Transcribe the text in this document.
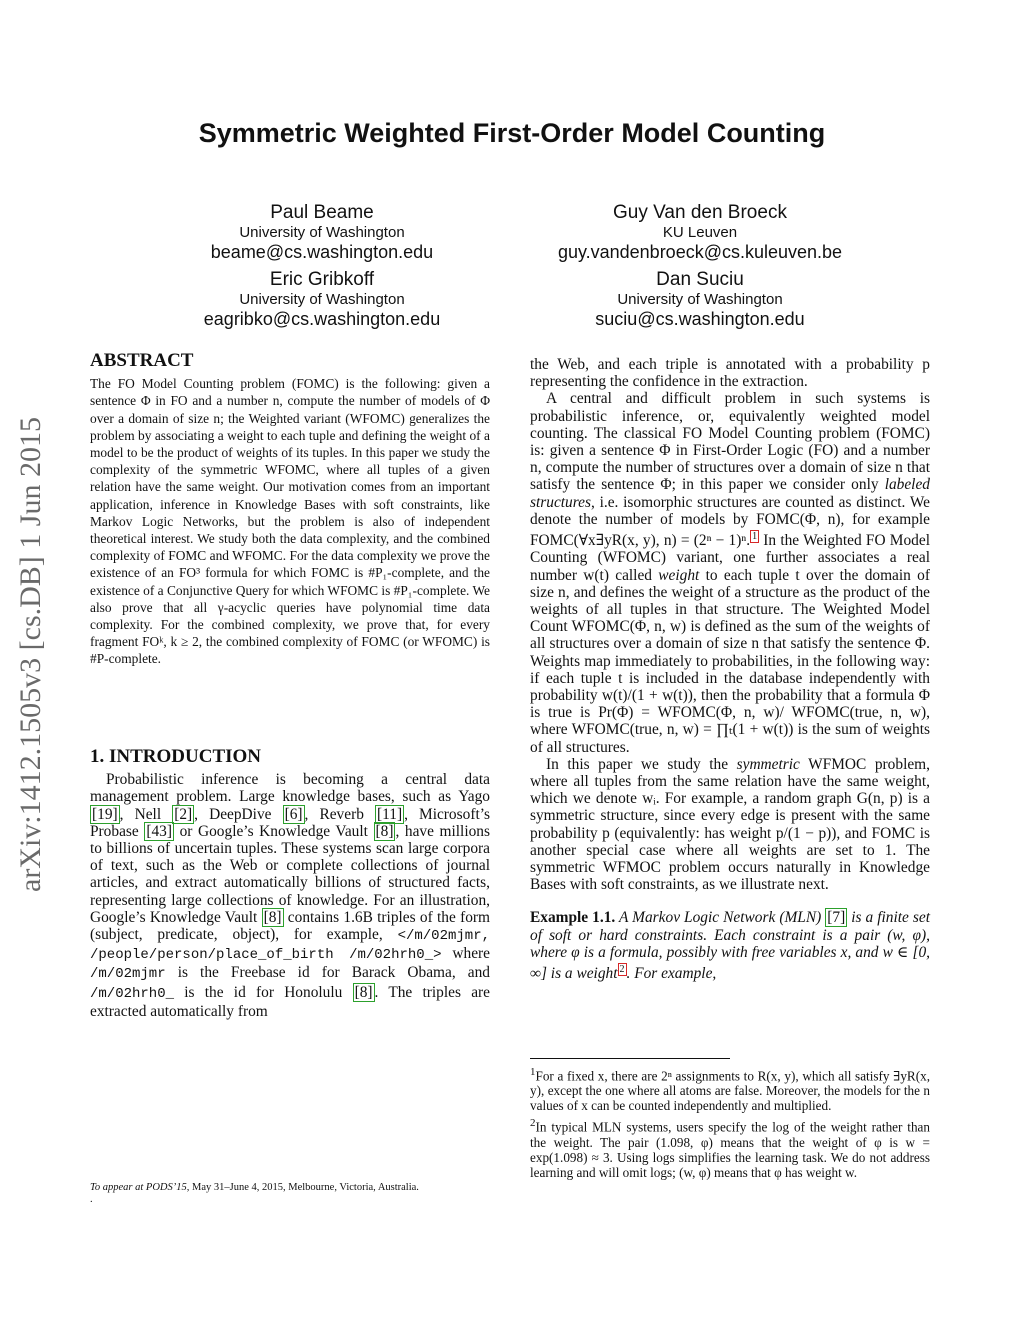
arXiv:1412.1505v3 [cs.DB] 1 Jun 2015
Symmetric Weighted First-Order Model Counting
Paul Beame
University of Washington
beame@cs.washington.edu
Guy Van den Broeck
KU Leuven
guy.vandenbroeck@cs.kuleuven.be
Eric Gribkoff
University of Washington
eagribko@cs.washington.edu
Dan Suciu
University of Washington
suciu@cs.washington.edu
ABSTRACT

The FO Model Counting problem (FOMC) is the following: given a sentence Φ in FO and a number n, compute the number of models of Φ over a domain of size n; the Weighted variant (WFOMC) generalizes the problem by associating a weight to each tuple and defining the weight of a model to be the product of weights of its tuples. In this paper we study the complexity of the symmetric WFOMC, where all tuples of a given relation have the same weight. Our motivation comes from an important application, inference in Knowledge Bases with soft constraints, like Markov Logic Networks, but the problem is also of independent theoretical interest. We study both the data complexity, and the combined complexity of FOMC and WFOMC. For the data complexity we prove the existence of an FO³ formula for which FOMC is #P₁-complete, and the existence of a Conjunctive Query for which WFOMC is #P₁-complete. We also prove that all γ-acyclic queries have polynomial time data complexity. For the combined complexity, we prove that, for every fragment FOᵏ, k ≥ 2, the combined complexity of FOMC (or WFOMC) is #P-complete.

1. INTRODUCTION

Probabilistic inference is becoming a central data management problem. Large knowledge bases, such as Yago [19] , Nell [2] , DeepDive [6] , Reverb [11] , Microsoft’s Probase [43] or Google’s Knowledge Vault [8] , have millions to billions of uncertain tuples. These systems scan large corpora of text, such as the Web or complete collections of journal articles, and extract automatically billions of structured facts, representing large collections of knowledge. For an illustration, Google’s Knowledge Vault [8] contains 1.6B triples of the form (subject, predicate, object), for example, </m/02mjmr, /people/person/place_of_birth /m/02hrh0_> where /m/02mjmr is the Freebase id for Barack Obama, and /m/02hrh0_ is the id for Honolulu [8] . The triples are extracted automatically from

the Web, and each triple is annotated with a probability p representing the confidence in the extraction.

A central and difficult problem in such systems is probabilistic inference, or, equivalently weighted model counting. The classical FO Model Counting problem (FOMC) is: given a sentence Φ in First-Order Logic (FO) and a number n, compute the number of structures over a domain of size n that satisfy the sentence Φ; in this paper we consider only labeled structures, i.e. isomorphic structures are counted as distinct. We denote the number of models by FOMC(Φ, n), for example FOMC(∀x∃yR(x, y), n) = (2ⁿ − 1)ⁿ. $^1$ In the Weighted FO Model Counting (WFOMC) variant, one further associates a real number w(t) called weight to each tuple t over the domain of size n, and defines the weight of a structure as the product of the weights of all tuples in that structure. The Weighted Model Count WFOMC(Φ, n, w) is defined as the sum of the weights of all structures over a domain of size n that satisfy the sentence Φ. Weights map immediately to probabilities, in the following way: if each tuple t is included in the database independently with probability w(t)/(1 + w(t)), then the probability that a formula Φ is true is Pr(Φ) = WFOMC(Φ, n, w)/ WFOMC(true, n, w), where WFOMC(true, n, w) = ∏ₜ(1 + w(t)) is the sum of weights of all structures.

In this paper we study the symmetric WFMOC problem, where all tuples from the same relation have the same weight, which we denote wᵢ. For example, a random graph G(n, p) is a symmetric structure, since every edge is present with the same probability p (equivalently: has weight p/(1 − p)), and FOMC is another special case where all weights are set to 1. The symmetric WFMOC problem occurs naturally in Knowledge Bases with soft constraints, as we illustrate next.

Example 1.1. A Markov Logic Network (MLN) [7] is a finite set of soft or hard constraints. Each constraint is a pair (w, φ), where φ is a formula, possibly with free variables x, and w ∈ [0, ∞] is a weight $^2$ . For example,

$^1$For a fixed x, there are 2ⁿ assignments to R(x, y), which all satisfy ∃yR(x, y), except the one where all atoms are false. Moreover, the models for the n values of x can be counted independently and multiplied.

$^2$In typical MLN systems, users specify the log of the weight rather than the weight. The pair (1.098, φ) means that the weight of φ is w = exp(1.098) ≈ 3. Using logs simplifies the learning task. We do not address learning and will omit logs; (w, φ) means that φ has weight w.

To appear at PODS’15, May 31–June 4, 2015, Melbourne, Victoria, Australia.
.
